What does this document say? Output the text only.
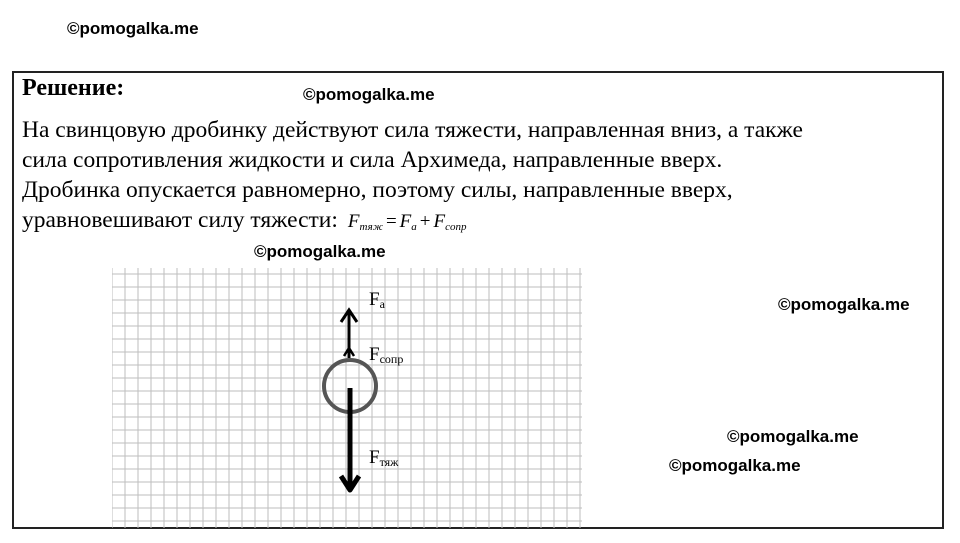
©pomogalka.me
©pomogalka.me
©pomogalka.me
©pomogalka.me
©pomogalka.me
©pomogalka.me
Решение:
На свинцовую дробинку действуют сила тяжести, направленная вниз, а также
сила сопротивления жидкости и сила Архимеда, направленные вверх.
Дробинка опускается равномерно, поэтому силы, направленные вверх,
уравновешивают силу тяжести: $F_{тяж} = F_a + F_{conp}$
$F_a$
$F_{сопр}$
$F_{тяж}$
